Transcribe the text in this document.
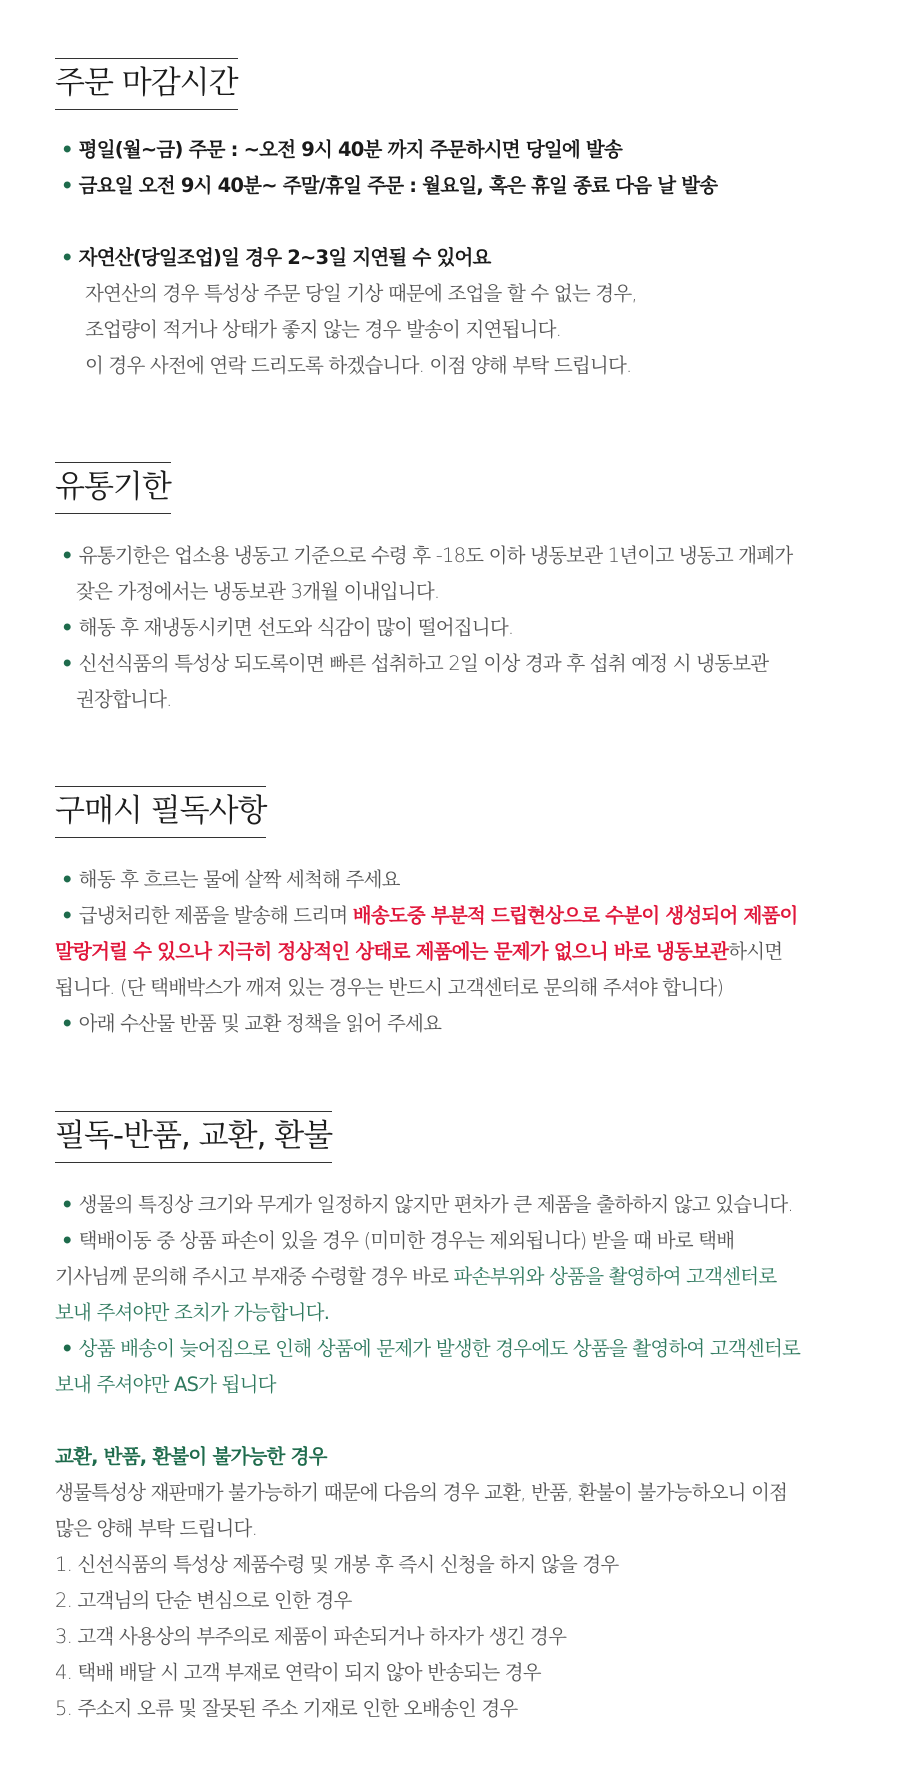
주문 마감시간
• 평일(월~금) 주문 : ~오전 9시 40분 까지 주문하시면 당일에 발송
• 금요일 오전 9시 40분~ 주말/휴일 주문 : 월요일, 혹은 휴일 종료 다음 날 발송
• 자연산(당일조업)일 경우 2~3일 지연될 수 있어요
자연산의 경우 특성상 주문 당일 기상 때문에 조업을 할 수 없는 경우,
조업량이 적거나 상태가 좋지 않는 경우 발송이 지연됩니다.
이 경우 사전에 연락 드리도록 하겠습니다. 이점 양해 부탁 드립니다.
유통기한
• 유통기한은 업소용 냉동고 기준으로 수령 후 -18도 이하 냉동보관 1년이고 냉동고 개폐가
잦은 가정에서는 냉동보관 3개월 이내입니다.
• 해동 후 재냉동시키면 선도와 식감이 많이 떨어집니다.
• 신선식품의 특성상 되도록이면 빠른 섭취하고 2일 이상 경과 후 섭취 예정 시 냉동보관
권장합니다.
구매시 필독사항
• 해동 후 흐르는 물에 살짝 세척해 주세요
• 급냉처리한 제품을 발송해 드리며 배송도중 부분적 드립현상으로 수분이 생성되어 제품이
말랑거릴 수 있으나 지극히 정상적인 상태로 제품에는 문제가 없으니 바로 냉동보관하시면
됩니다. (단 택배박스가 깨져 있는 경우는 반드시 고객센터로 문의해 주셔야 합니다)
• 아래 수산물 반품 및 교환 정책을 읽어 주세요
필독-반품, 교환, 환불
• 생물의 특징상 크기와 무게가 일정하지 않지만 편차가 큰 제품을 출하하지 않고 있습니다.
• 택배이동 중 상품 파손이 있을 경우 (미미한 경우는 제외됩니다) 받을 때 바로 택배
기사님께 문의해 주시고 부재중 수령할 경우 바로 파손부위와 상품을 촬영하여 고객센터로
보내 주셔야만 조치가 가능합니다.
• 상품 배송이 늦어짐으로 인해 상품에 문제가 발생한 경우에도 상품을 촬영하여 고객센터로
보내 주셔야만 AS가 됩니다
교환, 반품, 환불이 불가능한 경우
생물특성상 재판매가 불가능하기 때문에 다음의 경우 교환, 반품, 환불이 불가능하오니 이점
많은 양해 부탁 드립니다.
1. 신선식품의 특성상 제품수령 및 개봉 후 즉시 신청을 하지 않을 경우
2. 고객님의 단순 변심으로 인한 경우
3. 고객 사용상의 부주의로 제품이 파손되거나 하자가 생긴 경우
4. 택배 배달 시 고객 부재로 연락이 되지 않아 반송되는 경우
5. 주소지 오류 및 잘못된 주소 기재로 인한 오배송인 경우
